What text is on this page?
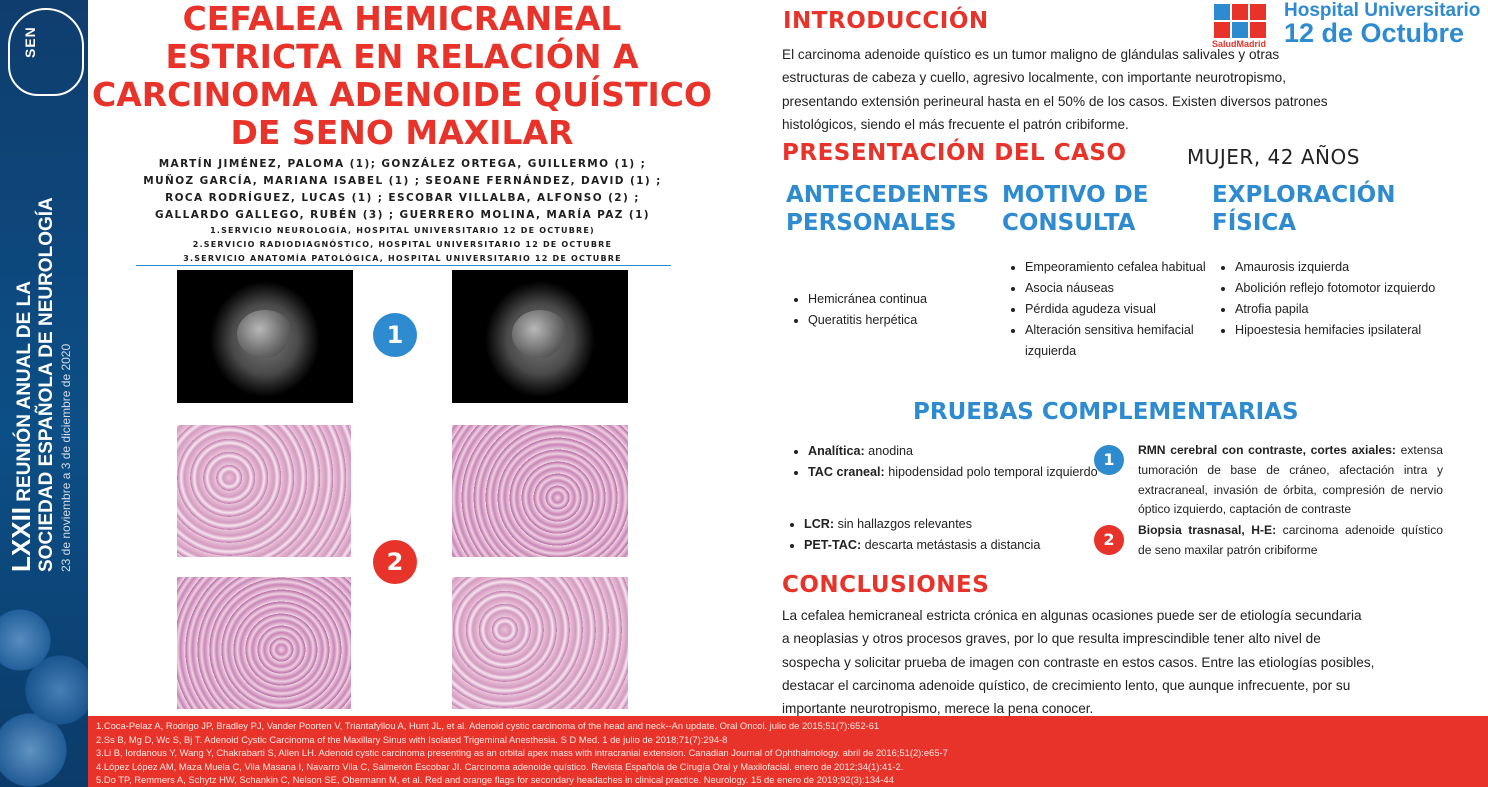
SEN
LXXII REUNIÓN ANUAL DE LA SOCIEDAD ESPAÑOLA DE NEUROLOGÍA 23 de noviembre a 3 de diciembre de 2020
CEFALEA HEMICRANEAL ESTRICTA EN RELACIÓN A CARCINOMA ADENOIDE QUÍSTICO DE SENO MAXILAR
MARTÍN JIMÉNEZ, PALOMA (1); GONZÁLEZ ORTEGA, GUILLERMO (1) ;
MUÑOZ GARCÍA, MARIANA ISABEL (1) ; SEOANE FERNÁNDEZ, DAVID (1) ;
ROCA RODRÍGUEZ, LUCAS (1) ; ESCOBAR VILLALBA, ALFONSO (2) ;
GALLARDO GALLEGO, RUBÉN (3) ; GUERRERO MOLINA, MARÍA PAZ (1)
1.SERVICIO NEUROLOGÍA, HOSPITAL UNIVERSITARIO 12 DE OCTUBRE)
2.SERVICIO RADIODIAGNÓSTICO, HOSPITAL UNIVERSITARIO 12 DE OCTUBRE
3.SERVICIO ANATOMÍA PATOLÓGICA, HOSPITAL UNIVERSITARIO 12 DE OCTUBRE
1
2
SaludMadrid
Hospital Universitario
12 de Octubre
INTRODUCCIÓN
El carcinoma adenoide quístico es un tumor maligno de glándulas salivales y otras
estructuras de cabeza y cuello, agresivo localmente, con importante neurotropismo,
presentando extensión perineural hasta en el 50% de los casos. Existen diversos patrones
histológicos, siendo el más frecuente el patrón cribiforme.
PRESENTACIÓN DEL CASO	MUJER, 42 AÑOS
ANTECEDENTES
PERSONALES
MOTIVO DE
CONSULTA
EXPLORACIÓN
FÍSICA
• Hemicránea continua
• Queratitis herpética
• Empeoramiento cefalea habitual
• Asocia náuseas
• Pérdida agudeza visual
• Alteración sensitiva hemifacial izquierda
• Amaurosis izquierda
• Abolición reflejo fotomotor izquierdo
• Atrofia papila
• Hipoestesia hemifacies ipsilateral
PRUEBAS COMPLEMENTARIAS
• Analítica: anodina
• TAC craneal: hipodensidad polo temporal izquierdo
• LCR: sin hallazgos relevantes
• PET-TAC: descarta metástasis a distancia
1	RMN cerebral con contraste, cortes axiales: extensa tumoración de base de cráneo, afectación intra y extracraneal, invasión de órbita, compresión de nervio óptico izquierdo, captación de contraste
2	Biopsia trasnasal, H-E: carcinoma adenoide quístico de seno maxilar patrón cribiforme
CONCLUSIONES
La cefalea hemicraneal estricta crónica en algunas ocasiones puede ser de etiología secundaria
a neoplasias y otros procesos graves, por lo que resulta imprescindible tener alto nivel de
sospecha y solicitar prueba de imagen con contraste en estos casos. Entre las etiologías posibles,
destacar el carcinoma adenoide quístico, de crecimiento lento, que aunque infrecuente, por su
importante neurotropismo, merece la pena conocer.
1.Coca-Pelaz A, Rodrigo JP, Bradley PJ, Vander Poorten V, Triantafyllou A, Hunt JL, et al. Adenoid cystic carcinoma of the head and neck--An update. Oral Oncol. julio de 2015;51(7):652-61
2.Ss B, Mg D, Wc S, Bj T. Adenoid Cystic Carcinoma of the Maxillary Sinus with Isolated Trigeminal Anesthesia. S D Med. 1 de julio de 2018;71(7):294-8
3.Li B, Iordanous Y, Wang Y, Chakrabarti S, Allen LH. Adenoid cystic carcinoma presenting as an orbital apex mass with intracranial extension. Canadian Journal of Ophthalmology. abril de 2016;51(2):e65-7
4.López López AM, Maza Muela C, Vila Masana I, Navarro Vila C, Salmerón Escobar JI. Carcinoma adenoide quístico. Revista Española de Cirugía Oral y Maxilofacial. enero de 2012;34(1):41-2.
5.Do TP, Remmers A, Schytz HW, Schankin C, Nelson SE, Obermann M, et al. Red and orange flags for secondary headaches in clinical practice. Neurology. 15 de enero de 2019;92(3):134-44
